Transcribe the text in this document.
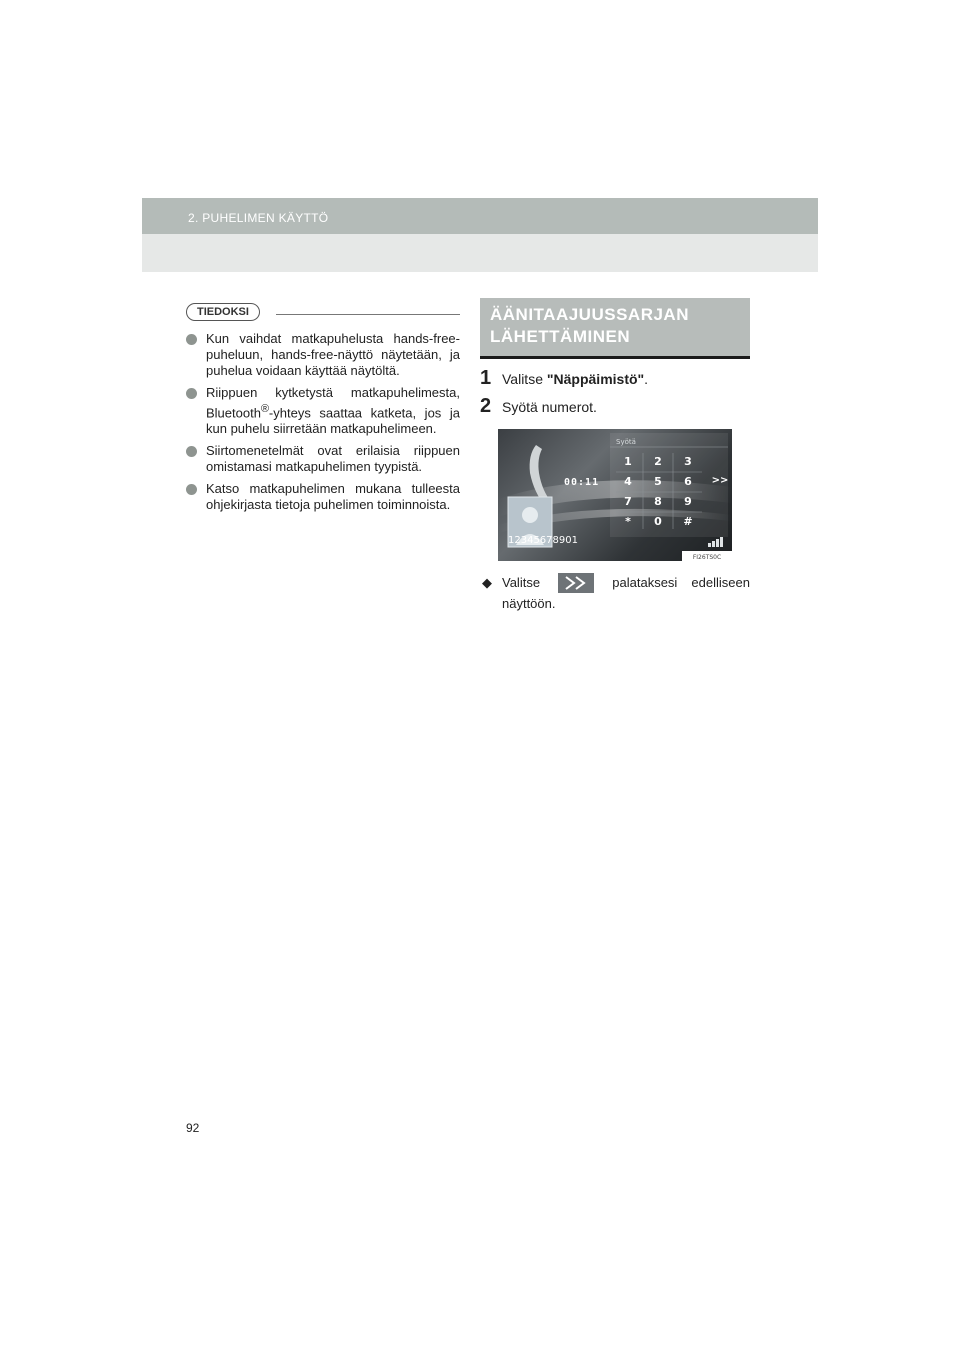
2. PUHELIMEN KÄYTTÖ
TIEDOKSI
Kun vaihdat matkapuhelusta hands-free-puheluun, hands-free-näyttö näytetään, ja puhelua voidaan käyttää näytöltä.
Riippuen kytketystä matkapuhelimesta, Bluetooth®-yhteys saattaa katketa, jos ja kun puhelu siirretään matkapuhelimeen.
Siirtomenetelmät ovat erilaisia riippuen omistamasi matkapuhelimen tyypistä.
Katso matkapuhelimen mukana tulleesta ohjekirjasta tietoja puhelimen toiminnoista.
ÄÄNITAAJUUSSARJAN LÄHETTÄMINEN
1 Valitse "Näppäimistö".
2 Syötä numerot.
Syötä
00:11
1 2 3
4 5 6
7 8 9
* 0 #
>>
12345678901
FI26TS0C
◆ Valitse	palataksesi edelliseen näyttöön.
92
